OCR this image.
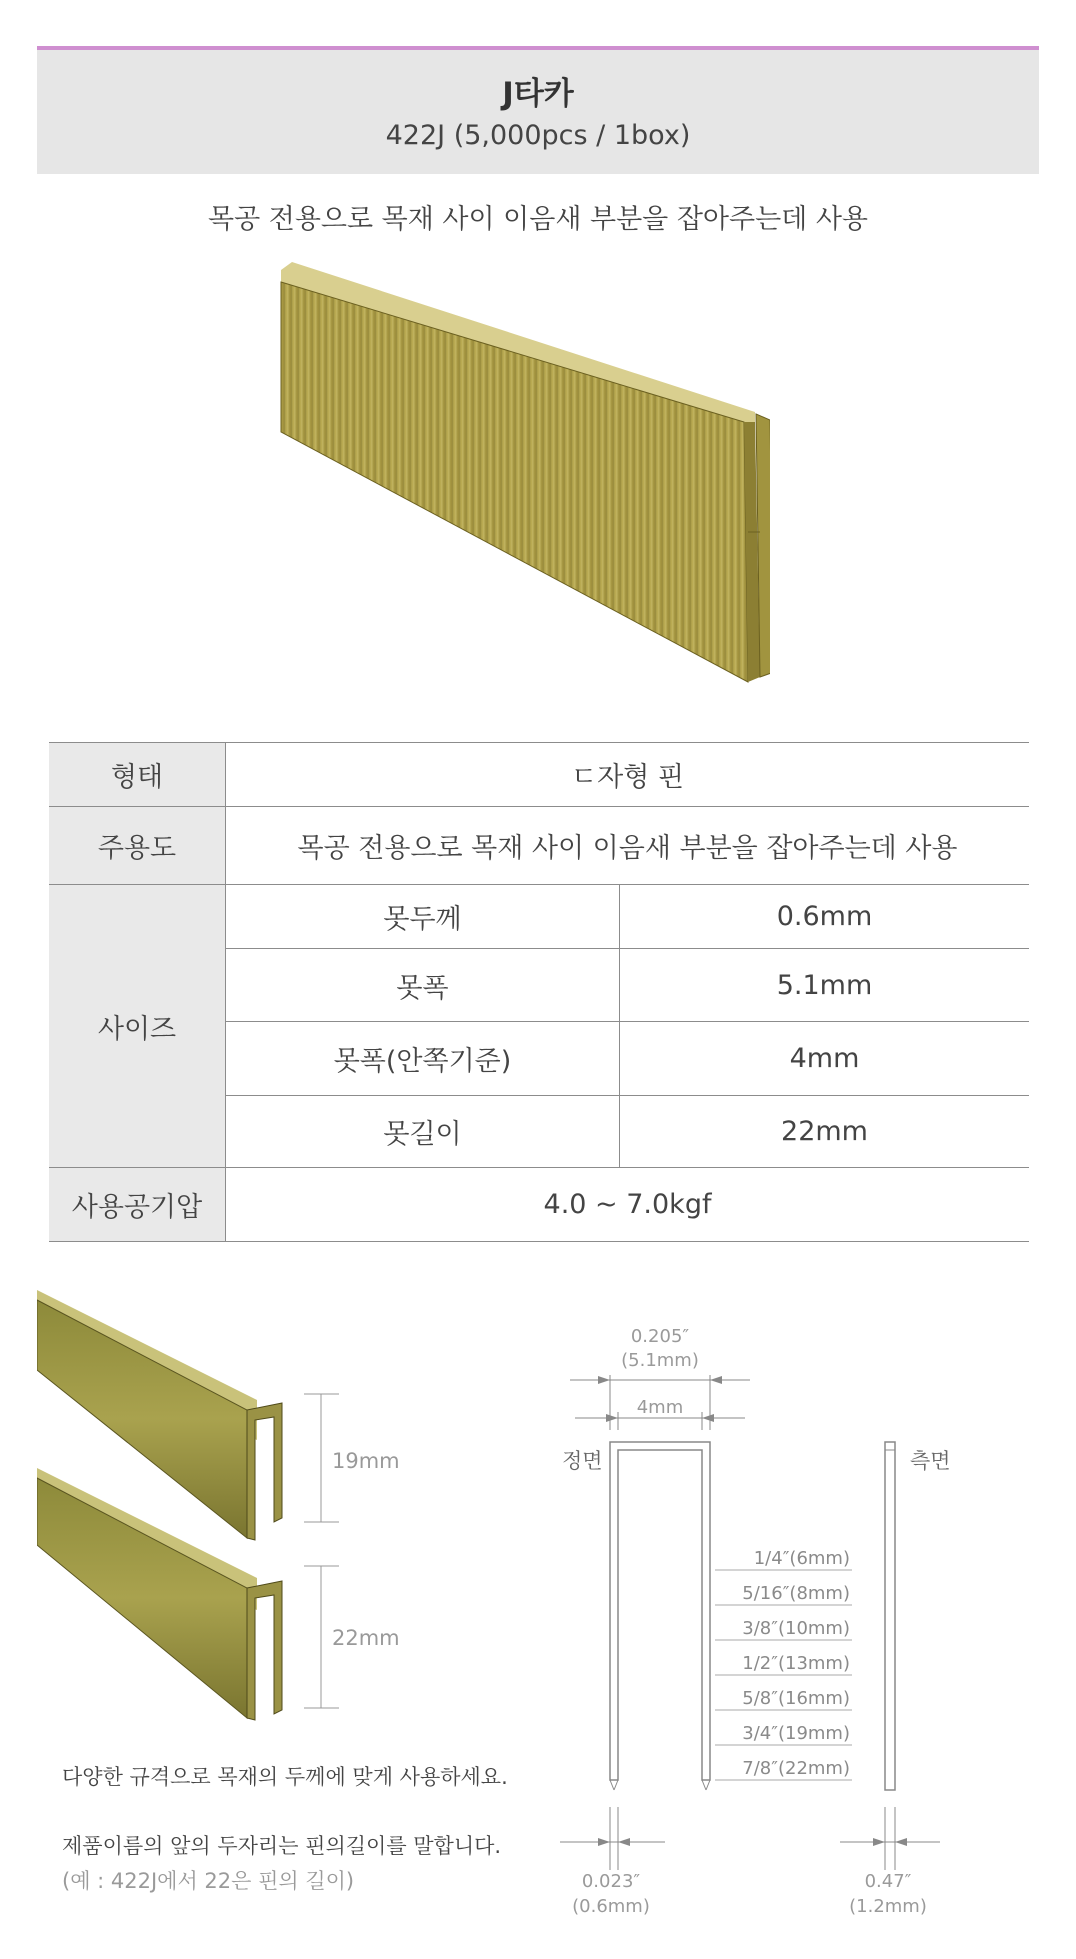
J타카
422J (5,000pcs / 1box)
목공 전용으로 목재 사이 이음새 부분을 잡아주는데 사용
형태	ㄷ자형 핀	
주용도	목공 전용으로 목재 사이 이음새 부분을 잡아주는데 사용	
사이즈	못두께	0.6mm
	못폭	5.1mm
	못폭(안쪽기준)	4mm
	못길이	22mm
사용공기압	4.0 ~ 7.0kgf	
19mm
22mm
다양한 규격으로 목재의 두께에 맞게 사용하세요.
제품이름의 앞의 두자리는 핀의길이를 말합니다.
(예 : 422J에서 22은 핀의 길이)
0.205″
(5.1mm)
4mm
0.023″
(0.6mm)
0.47″
(1.2mm)
정면	측면
1/4″(6mm)
5/16″(8mm)
3/8″(10mm)
1/2″(13mm)
5/8″(16mm)
3/4″(19mm)
7/8″(22mm)
